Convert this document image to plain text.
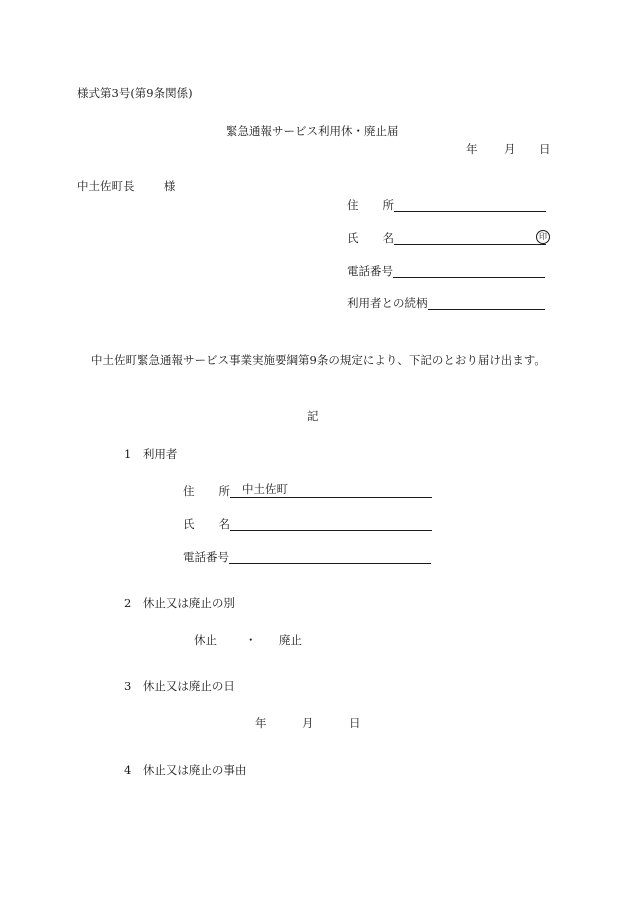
様式第3号(第9条関係)
緊急通報サービス利用休・廃止届
年 月 日
中土佐町長	様
住 所
氏 名	印
電話番号
利用者との続柄
中土佐町緊急通報サービス事業実施要綱第9条の規定により、下記のとおり届け出ます。
記
1　利用者
住 所 中土佐町
氏 名
電話番号
2　休止又は廃止の別
休止 ・ 廃止
3　休止又は廃止の日
年	月	日
4　休止又は廃止の事由
